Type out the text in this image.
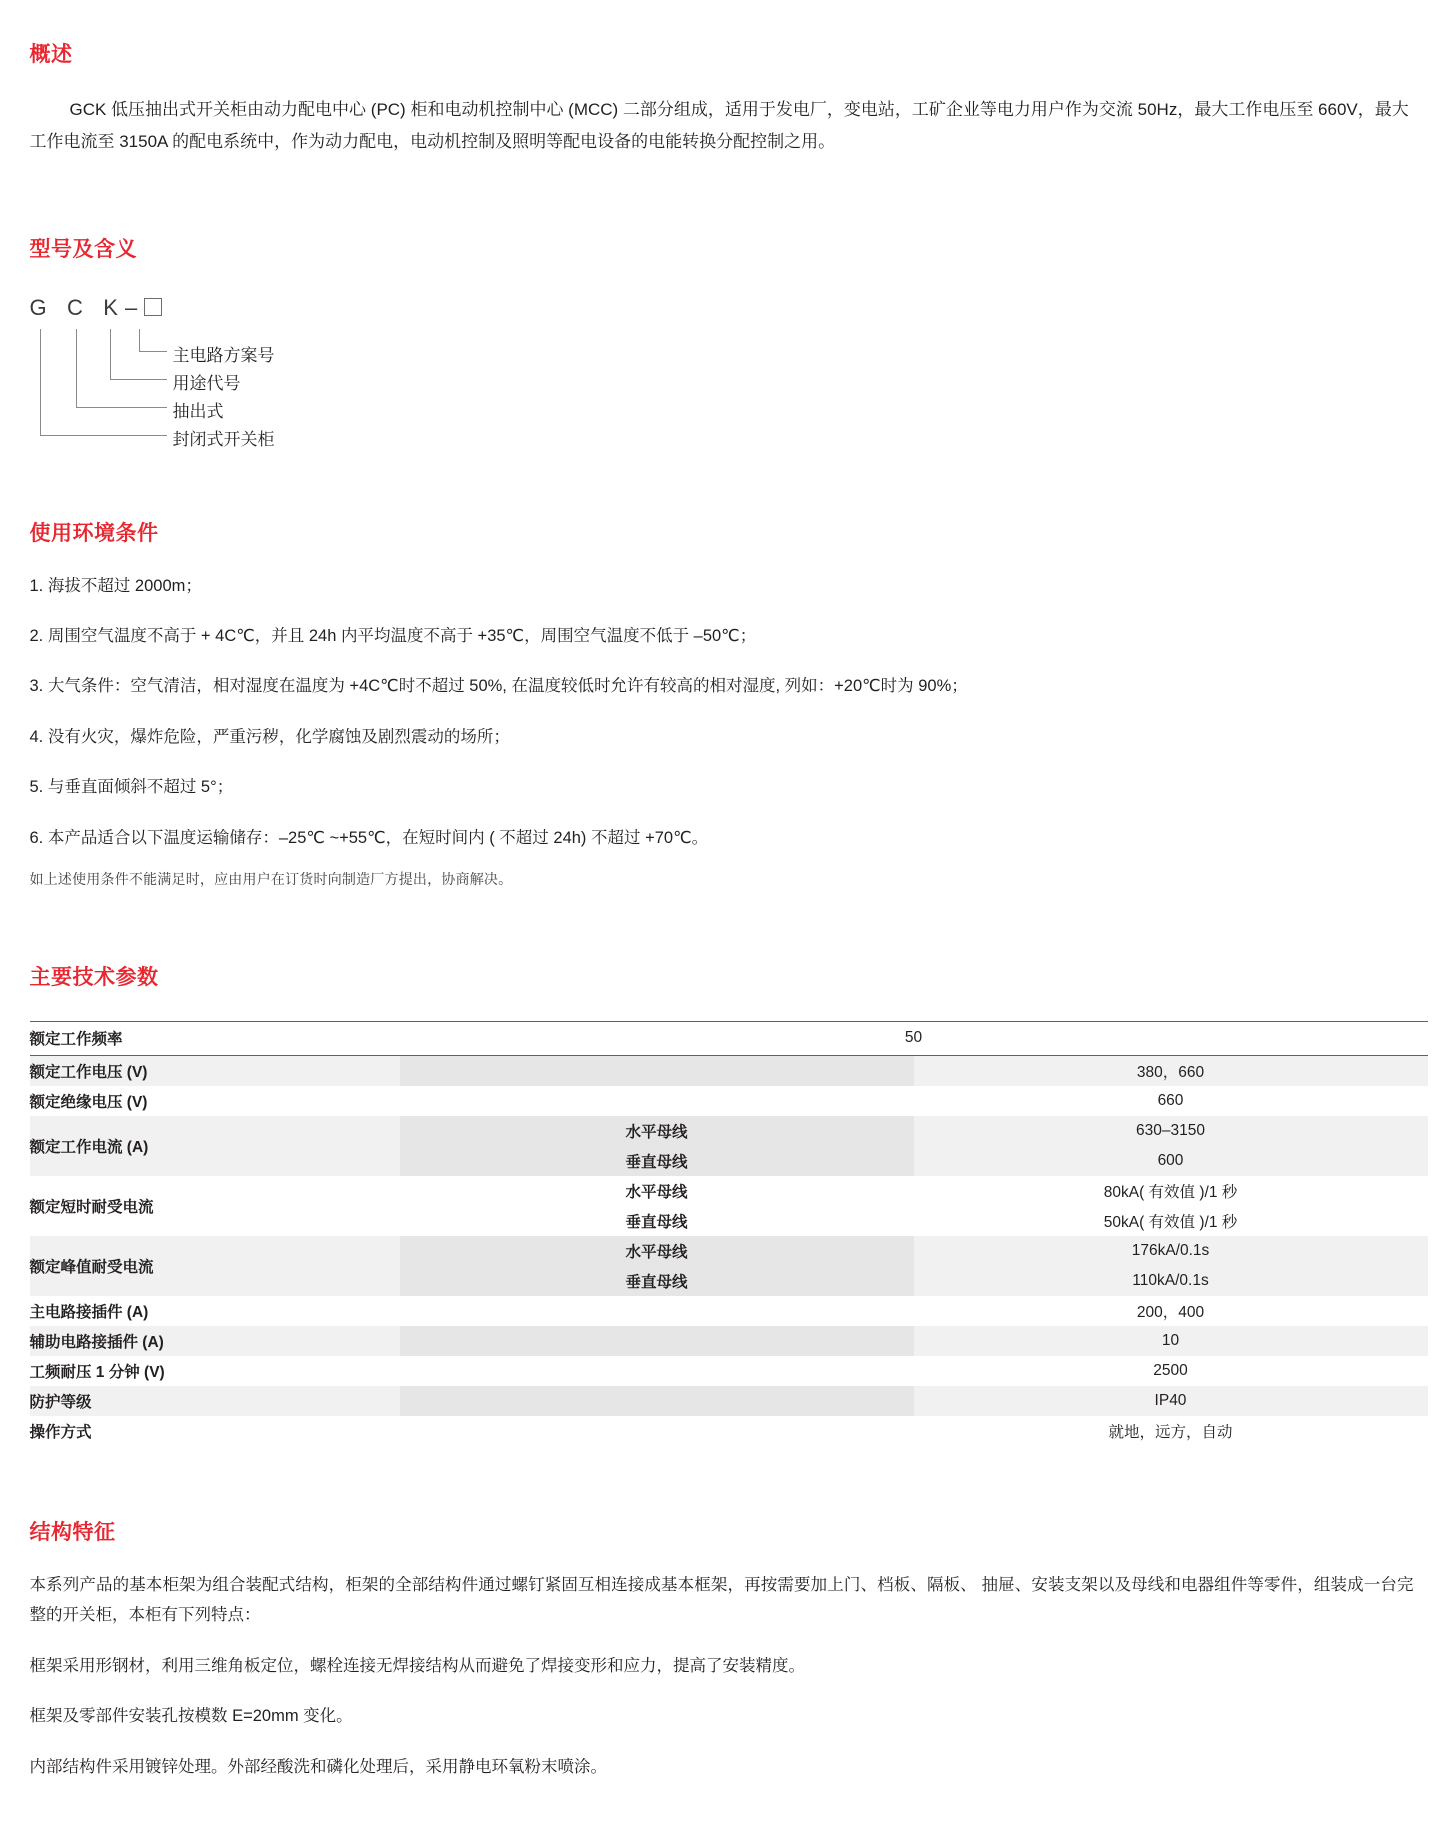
概述
GCK 低压抽出式开关柜由动力配电中心 (PC) 柜和电动机控制中心 (MCC) 二部分组成，适用于发电厂，变电站，工矿企业等电力用户作为交流 50Hz，最大工作电压至 660V，最大工作电流至 3150A 的配电系统中，作为动力配电，电动机控制及照明等配电设备的电能转换分配控制之用。
型号及含义
G C K –
主电路方案号
用途代号
抽出式
封闭式开关柜
使用环境条件
1. 海拔不超过 2000m；
2. 周围空气温度不高于 + 4C℃，并且 24h 内平均温度不高于 +35℃，周围空气温度不低于 –50℃；
3. 大气条件：空气清洁，相对湿度在温度为 +4C℃时不超过 50%, 在温度较低时允许有较高的相对湿度, 列如：+20℃时为 90%；
4. 没有火灾，爆炸危险，严重污秽，化学腐蚀及剧烈震动的场所；
5. 与垂直面倾斜不超过 5°；
6. 本产品适合以下温度运输储存：–25℃ ~+55℃，在短时间内 ( 不超过 24h) 不超过 +70℃。
如上述使用条件不能满足时，应由用户在订货时向制造厂方提出，协商解决。
主要技术参数
额定工作频率	50	
额定工作电压 (V)		380，660
额定绝缘电压 (V)		660
额定工作电流 (A)	水平母线	630–3150
	垂直母线	600
额定短时耐受电流	水平母线	80kA( 有效值 )/1 秒
	垂直母线	50kA( 有效值 )/1 秒
额定峰值耐受电流	水平母线	176kA/0.1s
	垂直母线	110kA/0.1s
主电路接插件 (A)		200，400
辅助电路接插件 (A)		10
工频耐压 1 分钟 (V)		2500
防护等级		IP40
操作方式		就地，远方，自动
结构特征

本系列产品的基本柜架为组合装配式结构，柜架的全部结构件通过螺钉紧固互相连接成基本框架，再按需要加上门、档板、隔板、 抽屉、安装支架以及母线和电器组件等零件，组装成一台完整的开关柜，本柜有下列特点：

框架采用形钢材，利用三维角板定位，螺栓连接无焊接结构从而避免了焊接变形和应力，提高了安装精度。

框架及零部件安装孔按模数 E=20mm 变化。

内部结构件采用镀锌处理。外部经酸洗和磷化处理后，采用静电环氧粉末喷涂。
